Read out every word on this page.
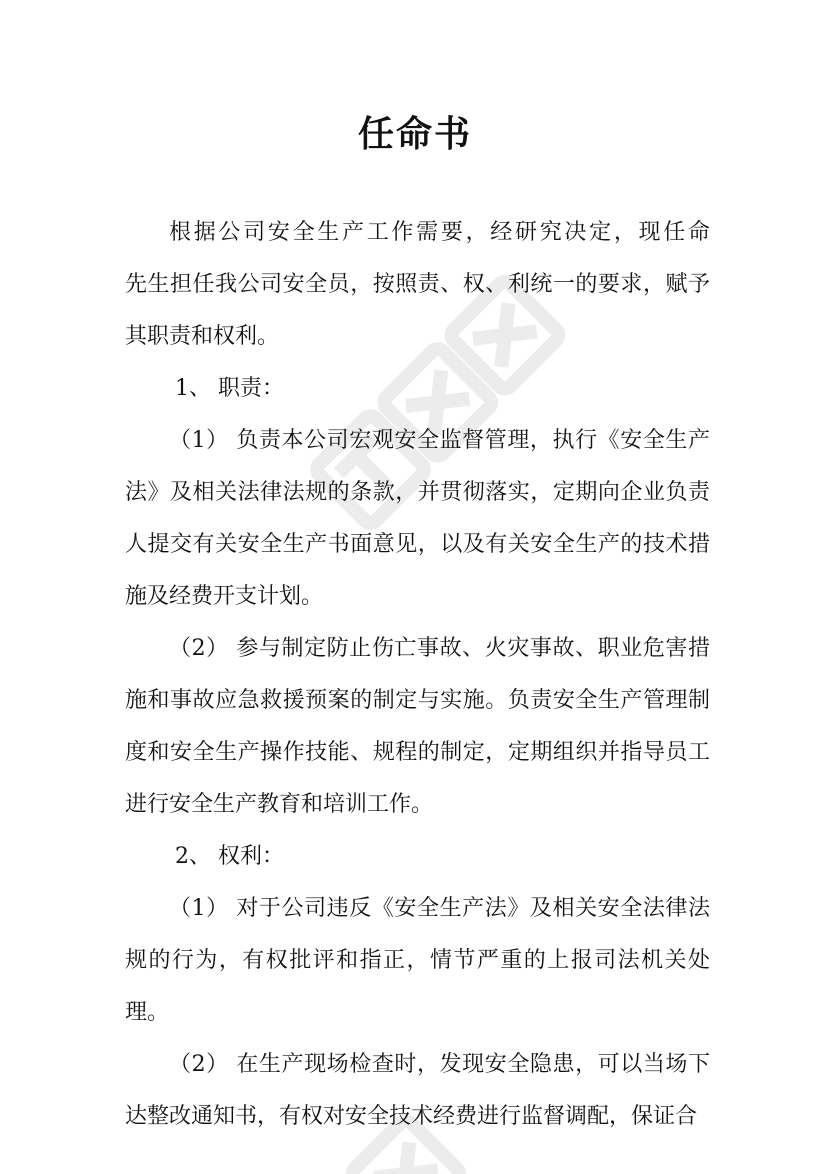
任命书

根据公司安全生产工作需要，经研究决定，现任命　　先生担任我公司安全员，按照责、权、利统一的要求，赋予其职责和权利。

1、 职责：

（1） 负责本公司宏观安全监督管理，执行《安全生产法》及相关法律法规的条款，并贯彻落实，定期向企业负责人提交有关安全生产书面意见，以及有关安全生产的技术措施及经费开支计划。

（2） 参与制定防止伤亡事故、火灾事故、职业危害措施和事故应急救援预案的制定与实施。负责安全生产管理制度和安全生产操作技能、规程的制定，定期组织并指导员工进行安全生产教育和培训工作。

2、 权利：

（1） 对于公司违反《安全生产法》及相关安全法律法规的行为，有权批评和指正，情节严重的上报司法机关处理。

（2） 在生产现场检查时，发现安全隐患，可以当场下达整改通知书，有权对安全技术经费进行监督调配，保证合
